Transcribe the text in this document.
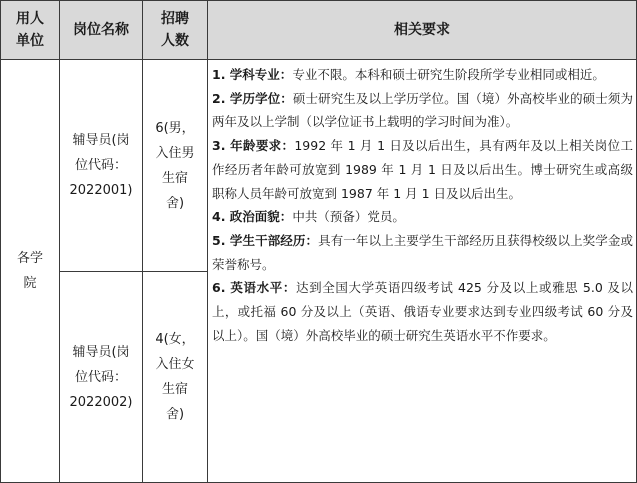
用人
单位
岗位名称
招聘
人数
相关要求
各学
院
辅导员(岗
位代码：
2022001)
6(男，
入住男
生宿
舍)
辅导员(岗
位代码：
2022002)
4(女，
入住女
生宿
舍)

1. 学科专业：专业不限。本科和硕士研究生阶段所学专业相同或相近。

2. 学历学位：硕士研究生及以上学历学位。国（境）外高校毕业的硕士须为两年及以上学制（以学位证书上载明的学习时间为准）。

3. 年龄要求：1992 年 1 月 1 日及以后出生，具有两年及以上相关岗位工作经历者年龄可放宽到 1989 年 1 月 1 日及以后出生。博士研究生或高级职称人员年龄可放宽到 1987 年 1 月 1 日及以后出生。

4. 政治面貌：中共（预备）党员。

5. 学生干部经历：具有一年以上主要学生干部经历且获得校级以上奖学金或荣誉称号。

6. 英语水平：达到全国大学英语四级考试 425 分及以上或雅思 5.0 及以上，或托福 60 分及以上（英语、俄语专业要求达到专业四级考试 60 分及以上）。国（境）外高校毕业的硕士研究生英语水平不作要求。
